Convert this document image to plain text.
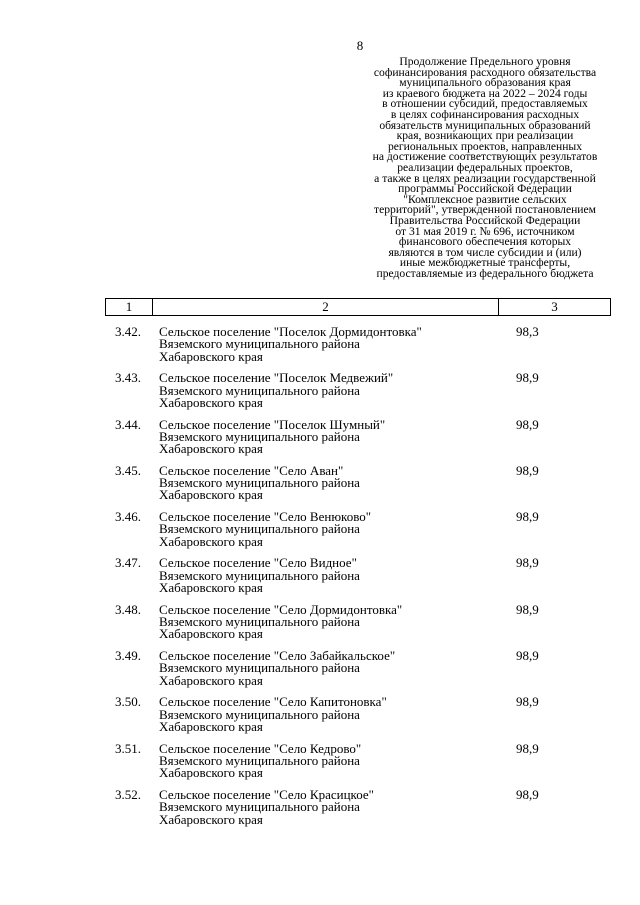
8
Продолжение Предельного уровня
софинансирования расходного обязательства
муниципального образования края
из краевого бюджета на 2022 – 2024 годы
в отношении субсидий, предоставляемых
в целях софинансирования расходных
обязательств муниципальных образований
края, возникающих при реализации
региональных проектов, направленных
на достижение соответствующих результатов
реализации федеральных проектов,
а также в целях реализации государственной
программы Российской Федерации
"Комплексное развитие сельских
территорий", утвержденной постановлением
Правительства Российской Федерации
от 31 мая 2019 г. № 696, источником
финансового обеспечения которых
являются в том числе субсидии и (или)
иные межбюджетные трансферты,
предоставляемые из федерального бюджета
1	2	3
3.42. Сельское поселение "Поселок Дормидонтовка"
Вяземского муниципального района
Хабаровского края
98,3
3.43. Сельское поселение "Поселок Медвежий"
Вяземского муниципального района
Хабаровского края
98,9
3.44. Сельское поселение "Поселок Шумный"
Вяземского муниципального района
Хабаровского края
98,9
3.45. Сельское поселение "Село Аван"
Вяземского муниципального района
Хабаровского края
98,9
3.46. Сельское поселение "Село Венюково"
Вяземского муниципального района
Хабаровского края
98,9
3.47. Сельское поселение "Село Видное"
Вяземского муниципального района
Хабаровского края
98,9
3.48. Сельское поселение "Село Дормидонтовка"
Вяземского муниципального района
Хабаровского края
98,9
3.49. Сельское поселение "Село Забайкальское"
Вяземского муниципального района
Хабаровского края
98,9
3.50. Сельское поселение "Село Капитоновка"
Вяземского муниципального района
Хабаровского края
98,9
3.51. Сельское поселение "Село Кедрово"
Вяземского муниципального района
Хабаровского края
98,9
3.52. Сельское поселение "Село Красицкое"
Вяземского муниципального района
Хабаровского края
98,9
